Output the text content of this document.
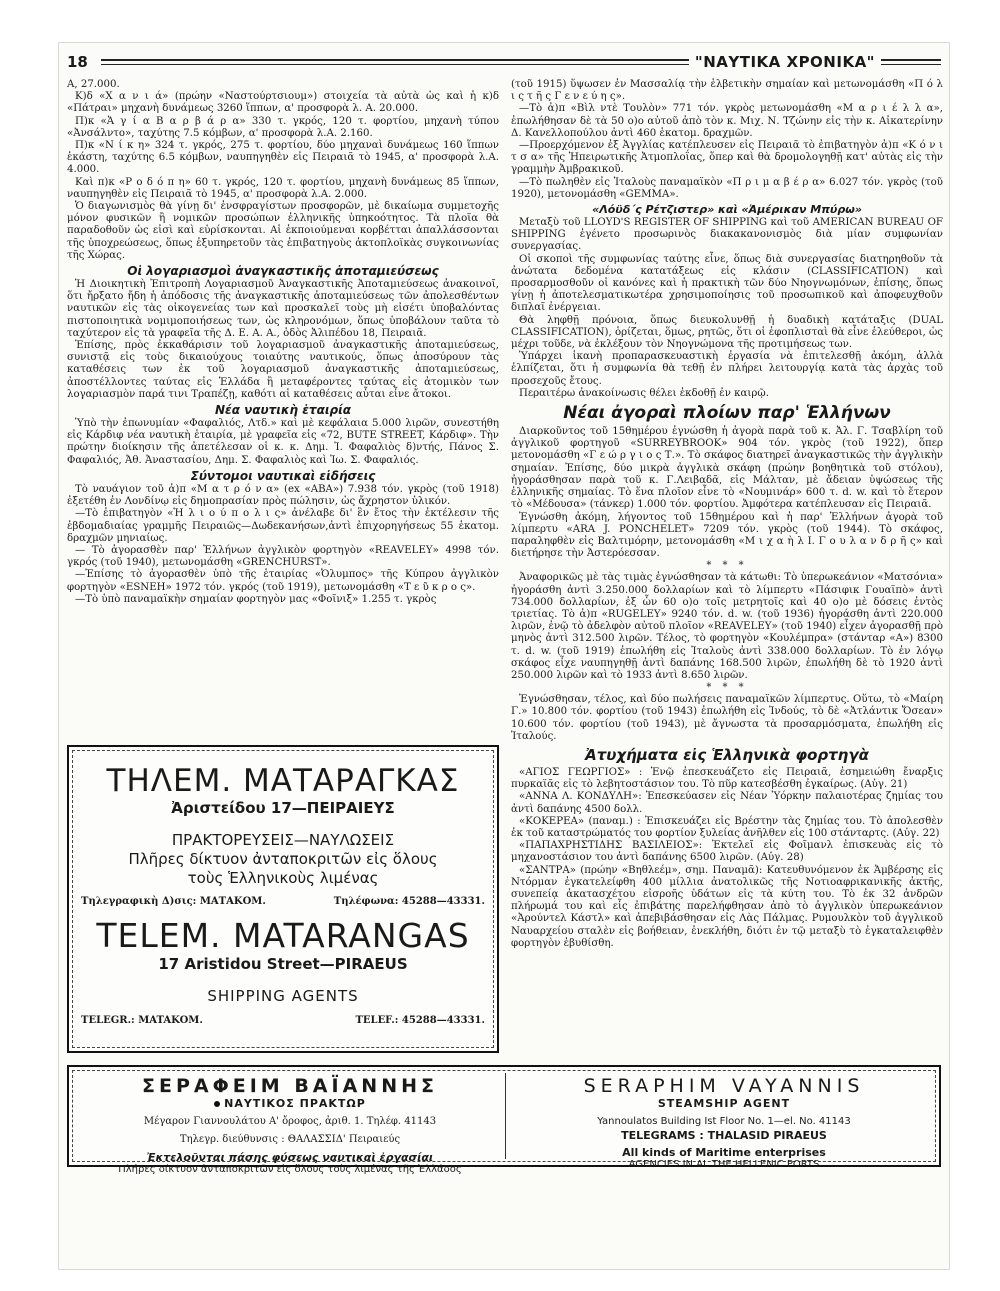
18	"ΝΑΥΤΙΚΑ ΧΡΟΝΙΚΑ"

Α, 27.000.

Κ)δ «Χ α ν ι ά» (πρώην «Ναστούρτσιουμ») στοιχεία τὰ αὐτὰ ὡς καὶ ἡ κ)δ «Πάτραι» μηχανὴ δυνάμεως 3260 ἵππων, α' προσφορὰ λ. Α. 20.000.

Π)κ «Ἁ γ ί α Β α ρ β ά ρ α» 330 τ. γκρός, 120 τ. φορτίου, μηχανὴ τύπου «Ἀνσάλντο», ταχύτης 7.5 κόμβων, α' προσφορὰ λ.Α. 2.160.

Π)κ «Ν ί κ η» 324 τ. γκρός, 275 τ. φορτίου, δύο μηχαναὶ δυνάμεως 160 ἵππων ἑκάστη, ταχύτης 6.5 κόμβων, ναυπηγηθὲν εἰς Πειραιᾶ τὸ 1945, α' προσφορὰ λ.Α. 4.000.

Καὶ π)κ «Ρ ο δ ό π η» 60 τ. γκρός, 120 τ. φορτίου, μηχανὴ δυνάμεως 85 ἵππων, ναυπηγηθὲν εἰς Πειραιᾶ τὸ 1945, α' προσφορὰ λ.Α. 2.000.

Ὁ διαγωνισμὸς θὰ γίνῃ δι' ἐνσφραγίστων προσφορῶν, μὲ δικαίωμα συμμετοχῆς μόνον φυσικῶν ἢ νομικῶν προσώπων ἑλληνικῆς ὑπηκοότητος. Τὰ πλοῖα θὰ παραδοθοῦν ὡς εἰσὶ καὶ εὑρίσκονται. Αἱ ἐκποιούμεναι κορβέτται ἀπαλλάσσονται τῆς ὑποχρεώσεως, ὅπως ἐξυπηρετοῦν τὰς ἐπιβατηγοὺς ἀκτοπλοϊκὰς συγκοινωνίας τῆς Χώρας.

Οἱ λογαριασμοὶ ἀναγκαστικῆς ἀποταμιεύσεως

Ἡ Διοικητικὴ Ἐπιτροπὴ Λογαριασμοῦ Ἀναγκαστικῆς Ἀποταμιεύσεως ἀνακοινοῖ, ὅτι ἤρξατο ἤδη ἡ ἀπόδοσις τῆς ἀναγκαστικῆς ἀποταμιεύσεως τῶν ἀπολεσθέντων ναυτικῶν εἰς τὰς οἰκογενείας των καὶ προσκαλεῖ τοὺς μὴ εἰσέτι ὑποβαλόντας πιστοποιητικὰ νομιμοποιήσεως των, ὡς κληρονόμων, ὅπως ὑποβάλουν ταῦτα τὸ ταχύτερον εἰς τὰ γραφεῖα τῆς Δ. Ε. Α. Α., ὁδὸς Ἀλιπέδου 18, Πειραιᾶ.

Ἐπίσης, πρὸς ἐκκαθάρισιν τοῦ λογαριασμοῦ ἀναγκαστικῆς ἀποταμιεύσεως, συνιστᾷ εἰς τοὺς δικαιούχους τοιαύτης ναυτικούς, ὅπως ἀποσύρουν τὰς καταθέσεις των ἐκ τοῦ λογαριασμοῦ ἀναγκαστικῆς ἀποταμιεύσεως, ἀποστέλλοντες ταύτας εἰς Ἑλλάδα ἢ μεταφέροντες ταύτας εἰς ἀτομικὸν των λογαριασμὸν παρά τινι Τραπέζῃ, καθότι αἱ καταθέσεις αὗται εἶνε ἄτοκοι.

Νέα ναυτικὴ ἑταιρία

Ὑπὸ τὴν ἐπωνυμίαν «Φαφαλιός, Λτδ.» καὶ μὲ κεφάλαια 5.000 λιρῶν, συνεστήθη εἰς Κάρδιφ νέα ναυτικὴ ἑταιρία, μὲ γραφεῖα εἰς «72, BUTE STREET, Κάρδιφ». Τὴν πρώτην διοίκησιν τῆς ἀπετέλεσαν οἱ κ. κ. Δημ. Ἰ. Φαφαλιὸς δ)ντής, Πάνος Σ. Φαφαλιός, Ἀθ. Ἀναστασίου, Δημ. Σ. Φαφαλιὸς καὶ Ἰω. Σ. Φαφαλιός.

Σύντομοι ναυτικαὶ εἰδήσεις

Τὸ ναυάγιον τοῦ ἀ)π «Μ α τ ρ ό ν α» (ex «ΑΒΑ») 7.938 τόν. γκρὸς (τοῦ 1918) ἐξετέθη ἐν Λονδίνῳ εἰς δημοπρασίαν πρὸς πώλησιν, ὡς ἄχρηστον ὑλικόν.

—Τὸ ἐπιβατηγὸν «Ἡ λ ι ο ύ π ο λ ι ς» ἀνέλαβε δι' ἓν ἔτος τὴν ἐκτέλεσιν τῆς ἑβδομαδιαίας γραμμῆς Πειραιῶς—Δωδεκανήσων,ἀντὶ ἐπιχορηγήσεως 55 ἑκατομ. δραχμῶν μηνιαίως.

— Τὸ ἀγορασθὲν παρ' Ἑλλήνων ἀγγλικὸν φορτηγὸν «REAVELEY» 4998 τόν. γκρός (τοῦ 1940), μετωνομάσθη «GRENCHURST».

—Ἐπίσης τὸ ἀγορασθὲν ὑπὸ τῆς ἑταιρίας «Ὀλυμπος» τῆς Κύπρου ἀγγλικὸν φορτηγὸν «ESNEH» 1972 τόν. γκρός (τοῦ 1919), μετωνομάσθη «Τ ε ῦ κ ρ ο ς».

—Τὸ ὑπὸ παναμαϊκὴν σημαίαν φορτηγὸν μας «Φοῖνιξ» 1.255 τ. γκρὸς

(τοῦ 1915) ὕψωσεν ἐν Μασσαλίᾳ τὴν ἑλβετικὴν σημαίαν καὶ μετωνομάσθη «Π ό λ ι ς τ ῆ ς Γ ε ν ε ύ η ς».

—Τὸ ἀ)π «Βὶλ ντὲ Τουλὸν» 771 τόν. γκρὸς μετωνομάσθη «Μ α ρ ι έ λ λ α», ἐπωλήθησαν δὲ τὰ 50 ο)ο αὐτοῦ ἀπὸ τὸν κ. Μιχ. Ν. Τζώνην εἰς τὴν κ. Αἰκατερίνην Δ. Κανελλοπούλου ἀντὶ 460 ἑκατομ. δραχμῶν.

—Προερχόμενον ἐξ Ἀγγλίας κατέπλευσεν εἰς Πειραιᾶ τὸ ἐπιβατηγὸν ἀ)π «Κ ό ν ι τ σ α» τῆς Ἠπειρωτικῆς Ἀτμοπλοΐας, ὅπερ καὶ θὰ δρομολογηθῇ κατ' αὐτὰς εἰς τὴν γραμμὴν Ἀμβρακικοῦ.

—Τὸ πωληθὲν εἰς Ἰταλοὺς παναμαϊκὸν «Π ρ ι μ α β έ ρ α» 6.027 τόν. γκρὸς (τοῦ 1920), μετονομάσθη «GEMMA».

«Λόϋδ΄ς Ρέτζιστερ» καὶ «Ἀμέρικαν Μπύρω»

Μεταξὺ τοῦ LLOYD'S REGISTER OF SHIPPING καὶ τοῦ AMERICAN BUREAU OF SHIPPING ἐγένετο προσωρινὸς διακακανονισμὸς διὰ μίαν συμφωνίαν συνεργασίας.

Οἱ σκοποὶ τῆς συμφωνίας ταύτης εἶνε, ὅπως διὰ συνεργασίας διατηρηθοῦν τὰ ἀνώτατα δεδομένα κατατάξεως εἰς κλάσιν (CLASSIFICATION) καὶ προσαρμοσθοῦν οἱ κανόνες καὶ ἡ πρακτικὴ τῶν δύο Νηογνωμόνων, ἐπίσης, ὅπως γίνῃ ἡ ἀποτελεσματικωτέρα χρησιμοποίησις τοῦ προσωπικοῦ καὶ ἀποφευχθοῦν διπλαῖ ἐνέργειαι.

Θὰ ληφθῇ πρόνοια, ὅπως διευκολυνθῇ ἡ δυαδικὴ κατάταξις (DUAL CLASSIFICATION), ὁρίζεται, ὅμως, ρητῶς, ὅτι οἱ ἐφοπλισταὶ θὰ εἶνε ἐλεύθεροι, ὡς μέχρι τοῦδε, νὰ ἐκλέξουν τὸν Νηογνώμονα τῆς προτιμήσεως των.

Ὑπάρχει ἱκανὴ προπαρασκευαστικὴ ἐργασία νὰ ἐπιτελεσθῇ ἀκόμη, ἀλλὰ ἐλπίζεται, ὅτι ἡ συμφωνία θὰ τεθῇ ἐν πλήρει λειτουργίᾳ κατὰ τὰς ἀρχὰς τοῦ προσεχοῦς ἔτους.

Περαιτέρω ἀνακοίνωσις θέλει ἐκδοθῇ ἐν καιρῷ.

Νέαι ἀγοραὶ πλοίων παρ' Ἑλλήνων

Διαρκοῦντος τοῦ 15θημέρου ἐγνώσθη ἡ ἀγορὰ παρὰ τοῦ κ. Ἀλ. Γ. Τσαβλίρη τοῦ ἀγγλικοῦ φορτηγοῦ «SURREYBROOK» 904 τόν. γκρὸς (τοῦ 1922), ὅπερ μετονομάσθη «Γ ε ώ ρ γ ι ο ς Τ.». Τὸ σκάφος διατηρεῖ ἀναγκαστικῶς τὴν ἀγγλικὴν σημαίαν. Ἐπίσης, δύο μικρὰ ἀγγλικὰ σκάφη (πρώην βοηθητικὰ τοῦ στόλου), ἠγοράσθησαν παρὰ τοῦ κ. Γ.Λειβαδᾶ, εἰς Μάλταν, μὲ ἄδειαν ὑψώσεως τῆς ἑλληνικῆς σημαίας. Τὸ ἕνα πλοῖον εἶνε τὸ «Νουμινάρ» 600 τ. d. w. καὶ τὸ ἕτερον τὸ «Μέδουσα» (τάνκερ) 1.000 τόν. φορτίου. Ἀμφότερα κατέπλευσαν εἰς Πειραιᾶ.

Ἐγνώσθη ἀκόμη, λήγοντος τοῦ 15θημέρου καὶ ἡ παρ' Ἑλλήνων ἀγορὰ τοῦ λίμπερτυ «ARA J. PONCHELET» 7209 τόν. γκρὸς (τοῦ 1944). Τὸ σκάφος, παραληφθὲν εἰς Βαλτιμόρην, μετονομάσθη «Μ ι χ α ὴ λ Ι. Γ ο υ λ α ν δ ρ ῆ ς» καὶ διετήρησε τὴν Ἀστερόεσσαν.

* * *

Ἀναφορικῶς μὲ τὰς τιμὰς ἐγνώσθησαν τὰ κάτωθι: Τὸ ὑπερωκεάνιον «Ματσόνια» ἠγοράσθη ἀντὶ 3.250.000 δολλαρίων καὶ τὸ λίμπερτυ «Πάσιφικ Γουαϊπὸ» ἀντὶ 734.000 δολλαρίων, ἐξ ὧν 60 ο)ο τοῖς μετρητοῖς καὶ 40 ο)ο μὲ δόσεις ἐντὸς τριετίας. Τὸ ἀ)π «RUGELEY» 9240 τόν. d. w. (τοῦ 1936) ἠγοράσθη ἀντὶ 220.000 λιρῶν, ἐνῷ τὸ ἀδελφὸν αὐτοῦ πλοῖον «REAVELEY» (τοῦ 1940) εἶχεν ἀγορασθῇ πρὸ μηνὸς ἀντὶ 312.500 λιρῶν. Τέλος, τὸ φορτηγὸν «Κουλέμπρα» (στάνταρ «Α») 8300 τ. d. w. (τοῦ 1919) ἐπωλήθη εἰς Ἰταλοὺς ἀντὶ 338.000 δολλαρίων. Τὸ ἐν λόγῳ σκάφος εἶχε ναυπηγηθῇ ἀντὶ δαπάνης 168.500 λιρῶν, ἐπωλήθη δὲ τὸ 1920 ἀντὶ 250.000 λιρῶν καὶ τὸ 1933 ἀντὶ 8.650 λιρῶν.

* * *

Ἐγνώσθησαν, τέλος, καὶ δύο πωλήσεις παναμαϊκῶν λίμπερτυς. Οὕτω, τὸ «Μαίρη Γ.» 10.800 τόν. φορτίου (τοῦ 1943) ἐπωλήθη εἰς Ἰνδούς, τὸ δὲ «Ἀτλάντικ Ὄσεαν» 10.600 τόν. φορτίου (τοῦ 1943), μὲ ἄγνωστα τὰ προσαρμόσματα, ἐπωλήθη εἰς Ἰταλούς.

Ἀτυχήματα εἰς Ἑλληνικὰ φορτηγὰ

«ΑΓΙΟΣ ΓΕΩΡΓΙΟΣ» : Ἐνῷ ἐπεσκευάζετο εἰς Πειραιᾶ, ἐσημειώθη ἔναρξις πυρκαϊᾶς εἰς τὸ λεβητοστάσιον του. Τὸ πῦρ κατεσβέσθη ἐγκαίρως. (Αὐγ. 21)

«ΑΝΝΑ Λ. ΚΟΝΔΥΛΗ»: Ἐπεσκεύασεν εἰς Νέαν Ὑόρκην παλαιοτέρας ζημίας του ἀντὶ δαπάνης 4500 δολλ.

«ΚΟΚΕΡΕΑ» (παναμ.) : Ἐπισκευάζει εἰς Βρέστην τὰς ζημίας του. Τὸ ἀπολεσθὲν ἐκ τοῦ καταστρώματός του φορτίον ξυλείας ἀνῆλθεν εἰς 100 στάνταρτς. (Αὐγ. 22)

«ΠΑΠΑΧΡΗΣΤΙΔΗΣ ΒΑΣΙΛΕΙΟΣ»: Ἐκτελεῖ εἰς Φοῖμανλ ἐπισκευὰς εἰς τὸ μηχανοστάσιον του ἀντὶ δαπάνης 6500 λιρῶν. (Αὐγ. 28)

«ΣΑΝΤΡΑ» (πρώην «Βηθλεέμ», σημ. Παναμᾶ): Κατευθυνόμενον ἐκ Ἀμβέρσης εἰς Ντόρμαν ἐγκατελείφθη 400 μίλλια ἀνατολικῶς τῆς Νοτιοαφρικανικῆς ἀκτῆς, συνεπείᾳ ἀκατασχέτου εἰσροῆς ὑδάτων εἰς τὰ κύτη του. Τὸ ἐκ 32 ἀνδρῶν πλήρωμά του καὶ εἷς ἐπιβάτης παρελήφθησαν ἀπὸ τὸ ἀγγλικὸν ὑπερωκεάνιον «Ἀρούντελ Κάστλ» καὶ ἀπεβιβάσθησαν εἰς Λὰς Πάλμας. Ρυμουλκὸν τοῦ ἀγγλικοῦ Ναυαρχείου σταλὲν εἰς βοήθειαν, ἐνεκλήθη, διότι ἐν τῷ μεταξὺ τὸ ἐγκαταλειφθὲν φορτηγὸν ἐβυθίσθη.

ΤΗΛΕΜ. ΜΑΤΑΡΑΓΚΑΣ
Ἀριστείδου 17—ΠΕΙΡΑΙΕΥΣ
ΠΡΑΚΤΟΡΕΥΣΕΙΣ—ΝΑΥΛΩΣΕΙΣ
Πλῆρες δίκτυον ἀνταποκριτῶν εἰς ὅλους
τοὺς Ἑλληνικοὺς λιμένας
Τηλεγραφικὴ Δ)σις: ΜΑΤΑΚΟΜ.	Τηλέφωνα: 45288—43331.
TELEM. MATARANGAS
17 Aristidou Street—PIRAEUS
SHIPPING AGENTS
TELEGR.: MATAKOM.	TELEF.: 45288—43331.
ΣΕΡΑΦΕΙΜ ΒΑΪΑΝΝΗΣ
ΝΑΥΤΙΚΟΣ ΠΡΑΚΤΩΡ
Μέγαρον Γιαννουλάτου Α' ὄροφος, ἀριθ. 1. Τηλέφ. 41143
Τηλεγρ. διεύθυνσις : ΘΑΛΑΣΣΙΔ' Πειραιεύς
Ἐκτελοῦνται πάσης φύσεως ναυτικαὶ ἐργασίαι
Πλήρες δίκτυον ἀνταποκριτῶν εἰς ὅλους τοὺς λιμένας τῆς Ἑλλάδος
SERAPHIM VAYANNIS
STEAMSHIP AGENT
Yannoulatos Building Ist Floor No. 1—el. No. 41143
TELEGRAMS : THALASID PIRAEUS
All kinds of Maritime enterprises
AGENCIES IN AL THE HELLENIC PORTS
